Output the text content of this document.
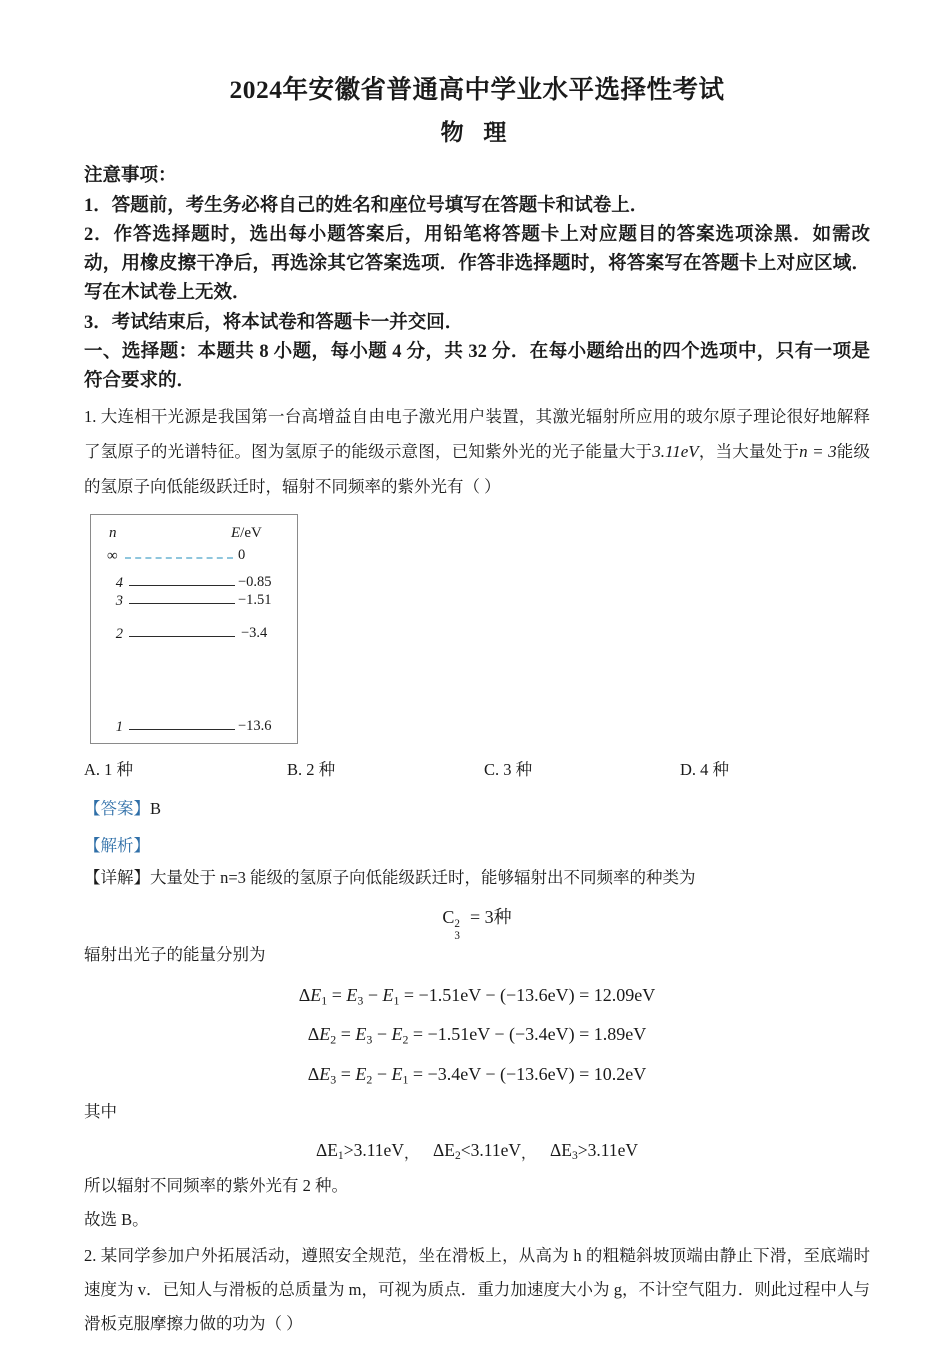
2024年安徽省普通高中学业水平选择性考试
物 理

注意事项：

1．答题前，考生务必将自己的姓名和座位号填写在答题卡和试卷上．

2．作答选择题时，选出每小题答案后，用铅笔将答题卡上对应题目的答案选项涂黑．如需改动，用橡皮擦干净后，再选涂其它答案选项．作答非选择题时，将答案写在答题卡上对应区域．写在木试卷上无效．

3．考试结束后，将本试卷和答题卡一并交回．

一、选择题：本题共 8 小题，每小题 4 分，共 32 分．在每小题给出的四个选项中，只有一项是符合要求的．

1. 大连相干光源是我国第一台高增益自由电子激光用户装置，其激光辐射所应用的玻尔原子理论很好地解释了氢原子的光谱特征。图为氢原子的能级示意图，已知紫外光的光子能量大于3.11eV，当大量处于n = 3能级的氢原子向低能级跃迁时，辐射不同频率的紫外光有（ ）

n	E/eV
∞	0
4	−0.85
3	−1.51
2	−3.4
1	−13.6
A. 1 种	B. 2 种	C. 3 种	D. 4 种

【答案】B

【解析】

【详解】大量处于 n=3 能级的氢原子向低能级跃迁时，能够辐射出不同频率的种类为

C 2
3
= 3种

辐射出光子的能量分别为

$\Delta E_1 = E_3 - E_1 = -1.51eV - (-13.6eV) = 12.09eV$

$\Delta E_2 = E_3 - E_2 = -1.51eV - (-3.4eV) = 1.89eV$

$\Delta E_3 = E_2 - E_1 = -3.4eV - (-13.6eV) = 10.2eV$

其中

$\Delta E_1>3.11eV$， $\Delta E_2<3.11eV$， $\Delta E_3>3.11eV$

所以辐射不同频率的紫外光有 2 种。

故选 B。

2. 某同学参加户外拓展活动，遵照安全规范，坐在滑板上，从高为 h 的粗糙斜坡顶端由静止下滑，至底端时速度为 v．已知人与滑板的总质量为 m，可视为质点．重力加速度大小为 g，不计空气阻力．则此过程中人与滑板克服摩擦力做的功为（ ）
